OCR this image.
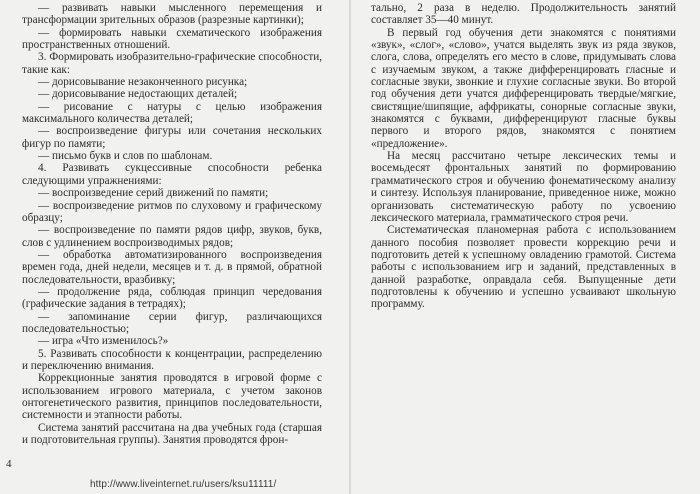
— развивать навыки мысленного перемещения и трансформации зрительных образов (разрезные картинки);

— формировать навыки схематического изображения пространственных отношений.

3. Формировать изобразительно-графические способности, такие как:

— дорисовывание незаконченного рисунка;

— дорисовывание недостающих деталей;

— рисование с натуры с целью изображения максимального количества деталей;

— воспроизведение фигуры или сочетания нескольких фигур по памяти;

— письмо букв и слов по шаблонам.

4. Развивать сукцессивные способности ребенка следующими упражнениями:

— воспроизведение серий движений по памяти;

— воспроизведение ритмов по слуховому и графическому образцу;

— воспроизведение по памяти рядов цифр, звуков, букв, слов с удлинением воспроизводимых рядов;

— обработка автоматизированного воспроизведения времен года, дней недели, месяцев и т. д. в прямой, обратной последовательности, вразбивку;

— продолжение ряда, соблюдая принцип чередования (графические задания в тетрадях);

— запоминание серии фигур, различающихся последовательностью;

— игра «Что изменилось?»

5. Развивать способности к концентрации, распределению и переключению внимания.

Коррекционные занятия проводятся в игровой форме с использованием игрового материала, с учетом законов онтогенетического развития, принципов последовательности, системности и этапности работы.

Система занятий рассчитана на два учебных года (старшая и подготовительная группы). Занятия проводятся фрон-

4

тально, 2 раза в неделю. Продолжительность занятий составляет 35—40 минут.

В первый год обучения дети знакомятся с понятиями «звук», «слог», «слово», учатся выделять звук из ряда звуков, слога, слова, определять его место в слове, придумывать слова с изучаемым звуком, а также дифференцировать гласные и согласные звуки, звонкие и глухие согласные звуки. Во второй год обучения дети учатся дифференцировать твердые/мягкие, свистящие/шипящие, аффрикаты, сонорные согласные звуки, знакомятся с буквами, дифференцируют гласные буквы первого и второго рядов, знакомятся с понятием «предложение».

На месяц рассчитано четыре лексических темы и восемьдесят фронтальных занятий по формированию грамматического строя и обучению фонематическому анализу и синтезу. Используя планирование, приведенное ниже, можно организовать систематическую работу по усвоению лексического материала, грамматического строя речи.

Систематическая планомерная работа с использованием данного пособия позволяет провести коррекцию речи и подготовить детей к успешному овладению грамотой. Система работы с использованием игр и заданий, представленных в данной разработке, оправдала себя. Выпущенные дети подготовлены к обучению и успешно усваивают школьную программу.

http://www.liveinternet.ru/users/ksu11111/
